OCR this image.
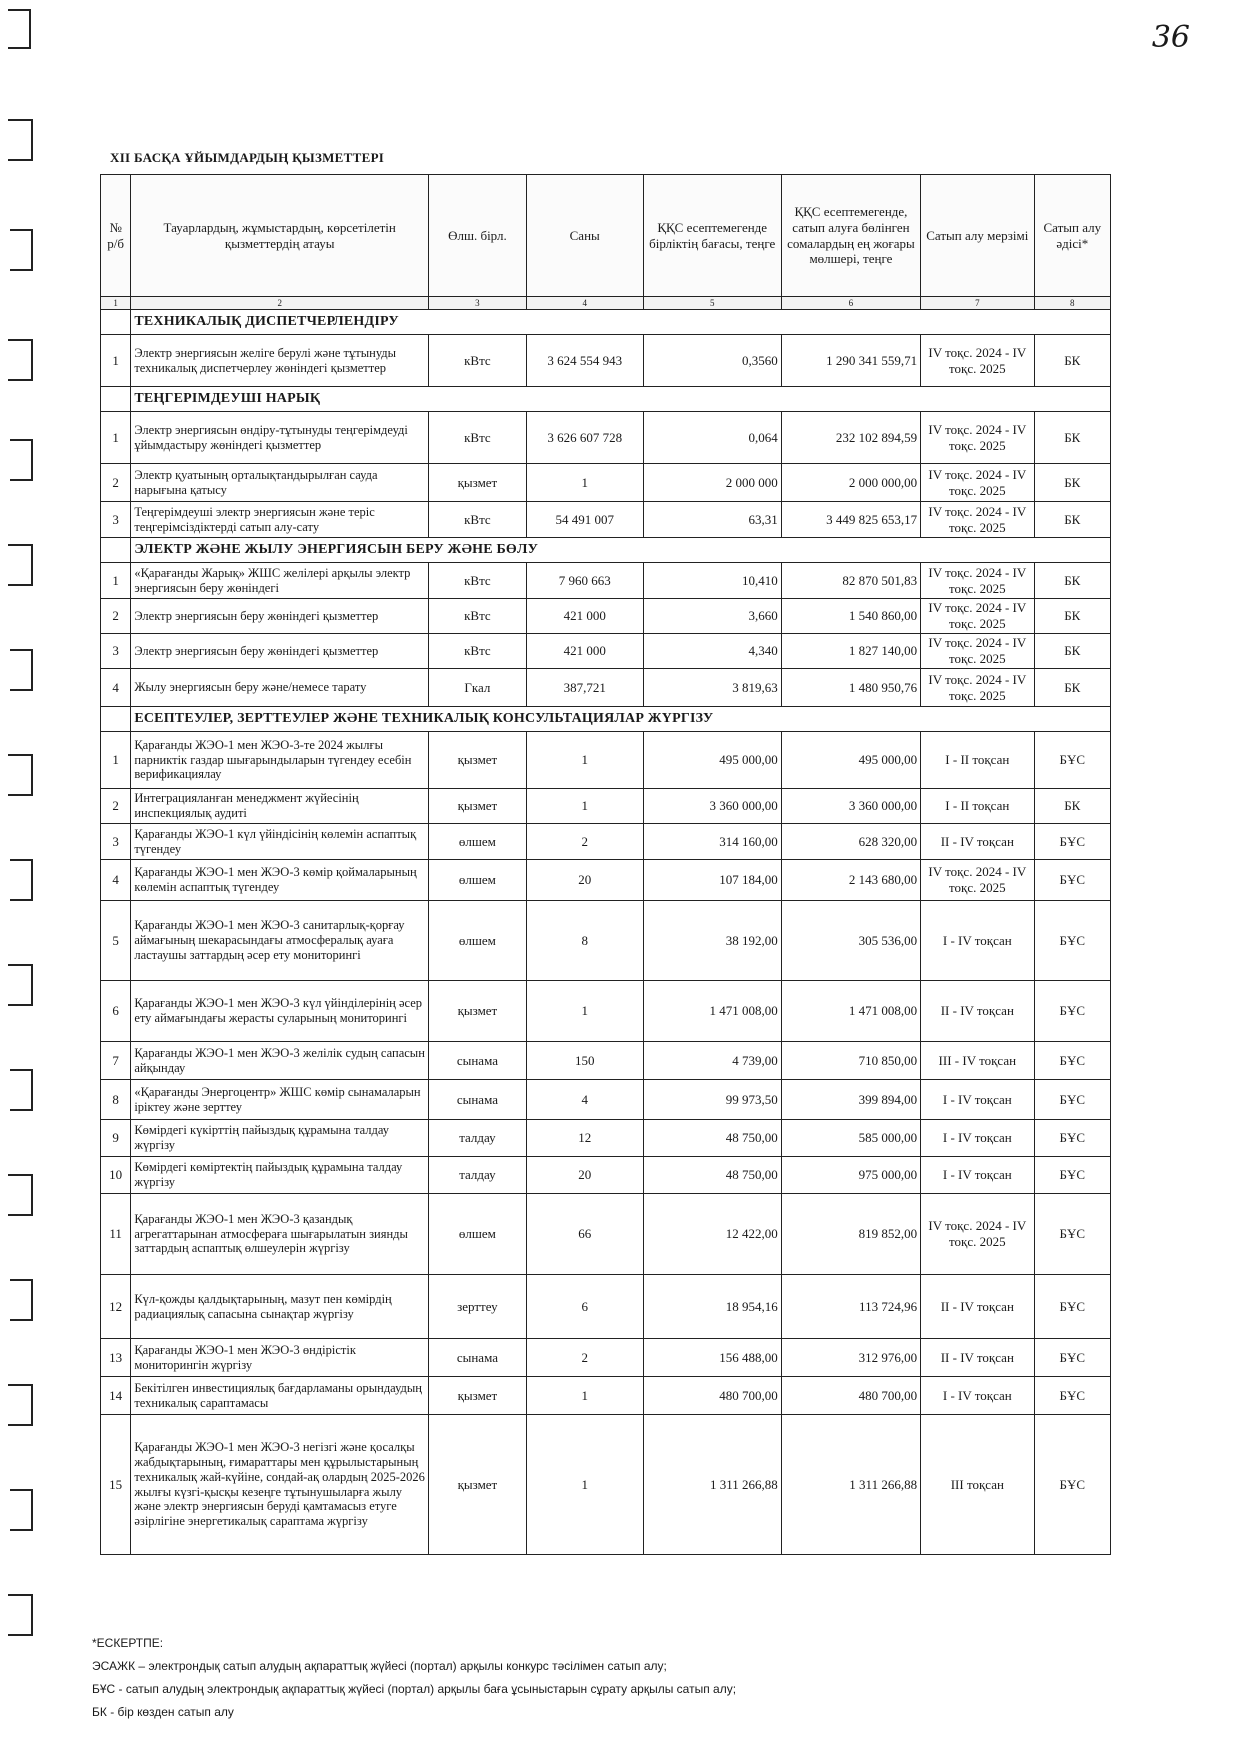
36
XII БАСҚА ҰЙЫМДАРДЫҢ ҚЫЗМЕТТЕРІ
№ р/б	Тауарлардың, жұмыстардың, көрсетілетін қызметтердің атауы	Өлш. бірл.	Саны	ҚҚС есептемегенде бірліктің бағасы, теңге	ҚҚС есептемегенде, сатып алуға бөлінген сомалардың ең жоғары мөлшері, теңге	Сатып алу мерзімі	Сатып алу әдісі*
1	2	3	4	5	6	7	8
	ТЕХНИКАЛЫҚ ДИСПЕТЧЕРЛЕНДІРУ						
1	Электр энергиясын желіге берулі және тұтынуды техникалық диспетчерлеу жөніндегі қызметтер	кВтс	3 624 554 943	0,3560	1 290 341 559,71	IV тоқс. 2024 - IV тоқс. 2025	БК
	ТЕҢГЕРІМДЕУШІ НАРЫҚ						
1	Электр энергиясын өндіру-тұтынуды теңгерімдеуді ұйымдастыру жөніндегі қызметтер	кВтс	3 626 607 728	0,064	232 102 894,59	IV тоқс. 2024 - IV тоқс. 2025	БК
2	Электр қуатының орталықтандырылған сауда нарығына қатысу	қызмет	1	2 000 000	2 000 000,00	IV тоқс. 2024 - IV тоқс. 2025	БК
3	Теңгерімдеуші электр энергиясын және теріс теңгерімсіздіктерді сатып алу-сату	кВтс	54 491 007	63,31	3 449 825 653,17	IV тоқс. 2024 - IV тоқс. 2025	БК
	ЭЛЕКТР ЖӘНЕ ЖЫЛУ ЭНЕРГИЯСЫН БЕРУ ЖӘНЕ БӨЛУ						
1	«Қарағанды Жарық» ЖШС желілері арқылы электр энергиясын беру жөніндегі	кВтс	7 960 663	10,410	82 870 501,83	IV тоқс. 2024 - IV тоқс. 2025	БК
2	Электр энергиясын беру жөніндегі қызметтер	кВтс	421 000	3,660	1 540 860,00	IV тоқс. 2024 - IV тоқс. 2025	БК
3	Электр энергиясын беру жөніндегі қызметтер	кВтс	421 000	4,340	1 827 140,00	IV тоқс. 2024 - IV тоқс. 2025	БК
4	Жылу энергиясын беру және/немесе тарату	Гкал	387,721	3 819,63	1 480 950,76	IV тоқс. 2024 - IV тоқс. 2025	БК
	ЕСЕПТЕУЛЕР, ЗЕРТТЕУЛЕР ЖӘНЕ ТЕХНИКАЛЫҚ КОНСУЛЬТАЦИЯЛАР ЖҮРГІЗУ						
1	Қарағанды ЖЭО-1 мен ЖЭО-3-те 2024 жылғы парниктік газдар шығарындыларын түгендеу есебін верификациялау	қызмет	1	495 000,00	495 000,00	I - II тоқсан	БҰС
2	Интеграцияланған менеджмент жүйесінің инспекциялық аудиті	қызмет	1	3 360 000,00	3 360 000,00	I - II тоқсан	БК
3	Қарағанды ЖЭО-1 күл үйіндісінің көлемін аспаптық түгендеу	өлшем	2	314 160,00	628 320,00	II - IV тоқсан	БҰС
4	Қарағанды ЖЭО-1 мен ЖЭО-3 көмір қоймаларының көлемін аспаптық түгендеу	өлшем	20	107 184,00	2 143 680,00	IV тоқс. 2024 - IV тоқс. 2025	БҰС
5	Қарағанды ЖЭО-1 мен ЖЭО-3 санитарлық-қорғау аймағының шекарасындағы атмосфералық ауаға ластаушы заттардың әсер ету мониторингі	өлшем	8	38 192,00	305 536,00	I - IV тоқсан	БҰС
6	Қарағанды ЖЭО-1 мен ЖЭО-3 күл үйінділерінің әсер ету аймағындағы жерасты суларының мониторингі	қызмет	1	1 471 008,00	1 471 008,00	II - IV тоқсан	БҰС
7	Қарағанды ЖЭО-1 мен ЖЭО-3 желілік судың сапасын айқындау	сынама	150	4 739,00	710 850,00	III - IV тоқсан	БҰС
8	«Қарағанды Энергоцентр» ЖШС көмір сынамаларын іріктеу және зерттеу	сынама	4	99 973,50	399 894,00	I - IV тоқсан	БҰС
9	Көмірдегі күкірттің пайыздық құрамына талдау жүргізу	талдау	12	48 750,00	585 000,00	I - IV тоқсан	БҰС
10	Көмірдегі көміртектің пайыздық құрамына талдау жүргізу	талдау	20	48 750,00	975 000,00	I - IV тоқсан	БҰС
11	Қарағанды ЖЭО-1 мен ЖЭО-3 қазандық агрегаттарынан атмосфераға шығарылатын зиянды заттардың аспаптық өлшеулерін жүргізу	өлшем	66	12 422,00	819 852,00	IV тоқс. 2024 - IV тоқс. 2025	БҰС
12	Күл-қожды қалдықтарының, мазут пен көмірдің радиациялық сапасына сынақтар жүргізу	зерттеу	6	18 954,16	113 724,96	II - IV тоқсан	БҰС
13	Қарағанды ЖЭО-1 мен ЖЭО-3 өндірістік мониторингін жүргізу	сынама	2	156 488,00	312 976,00	II - IV тоқсан	БҰС
14	Бекітілген инвестициялық бағдарламаны орындаудың техникалық сараптамасы	қызмет	1	480 700,00	480 700,00	I - IV тоқсан	БҰС
15	Қарағанды ЖЭО-1 мен ЖЭО-3 негізгі және қосалқы жабдықтарының, ғимараттары мен құрылыстарының техникалық жай-күйіне, сондай-ақ олардың 2025-2026 жылғы күзгі-қысқы кезеңге тұтынушыларға жылу және электр энергиясын беруді қамтамасыз етуге әзірлігіне энергетикалық сараптама жүргізу	қызмет	1	1 311 266,88	1 311 266,88	III тоқсан	БҰС
*ЕСКЕРТПЕ:
ЭСАЖК – электрондық сатып алудың ақпараттық жүйесі (портал) арқылы конкурс тәсілімен сатып алу;
БҰС - сатып алудың электрондық ақпараттық жүйесі (портал) арқылы баға ұсыныстарын сұрату арқылы сатып алу;
БК - бір көзден сатып алу
